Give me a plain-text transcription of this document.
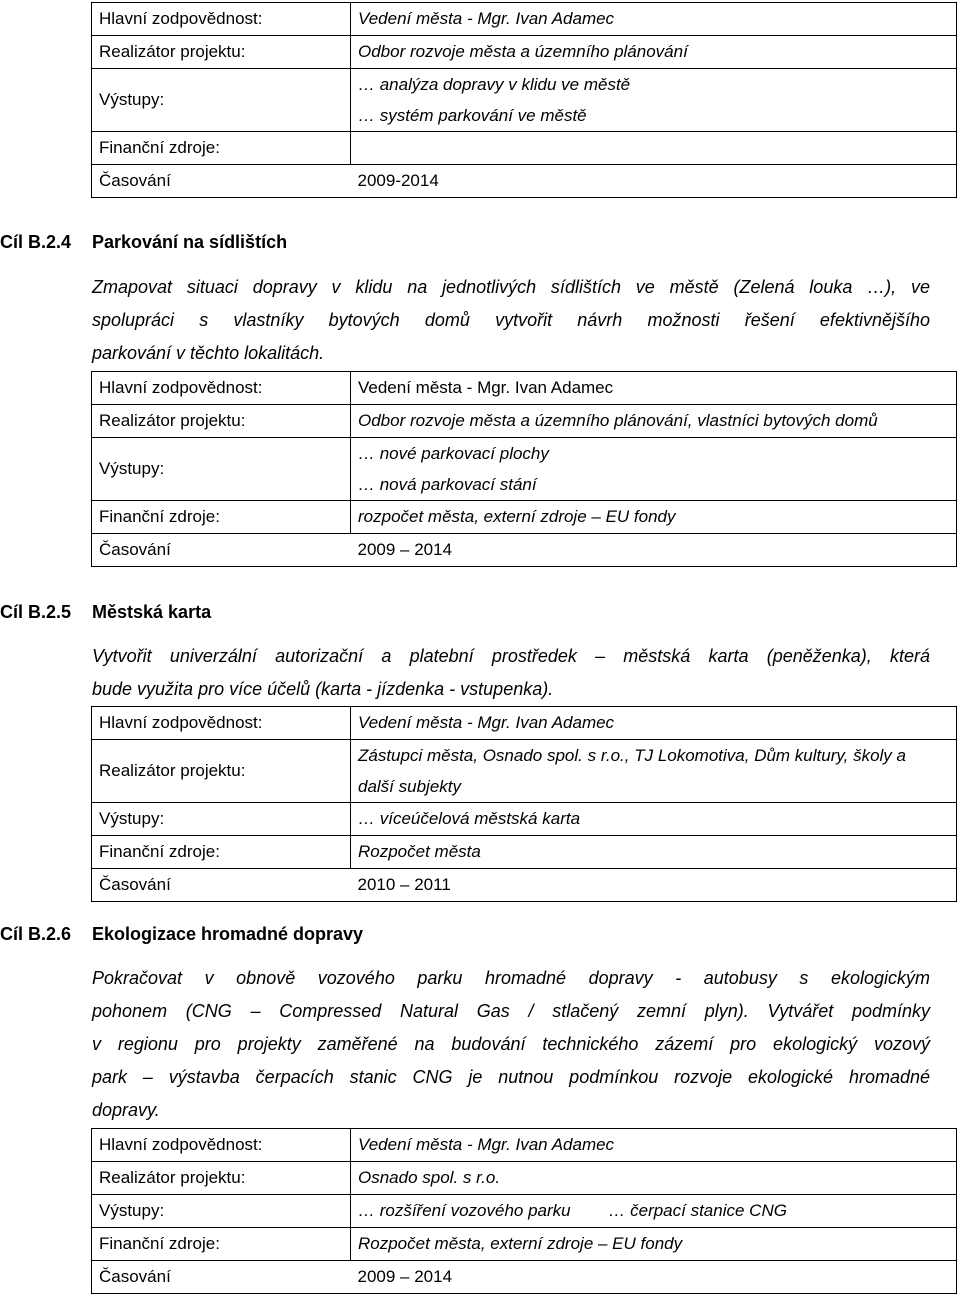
Hlavní zodpovědnost:	Vedení města - Mgr. Ivan Adamec
Realizátor projektu:	Odbor rozvoje města a územního plánování
Výstupy:	… analýza dopravy v klidu ve městě
… systém parkování ve městě

Finanční zdroje:	
Časování	2009-2014
Cíl B.2.4 Parkování na sídlištích
Zmapovat situaci dopravy v klidu na jednotlivých sídlištích ve městě (Zelená louka …), ve
spolupráci s vlastníky bytových domů vytvořit návrh možnosti řešení efektivnějšího
parkování v těchto lokalitách.
Hlavní zodpovědnost:	Vedení města - Mgr. Ivan Adamec
Realizátor projektu:	Odbor rozvoje města a územního plánování, vlastníci bytových domů
Výstupy:	… nové parkovací plochy
… nová parkovací stání

Finanční zdroje:	rozpočet města, externí zdroje – EU fondy
Časování	2009 – 2014
Cíl B.2.5 Městská karta
Vytvořit univerzální autorizační a platební prostředek – městská karta (peněženka), která
bude využita pro více účelů (karta - jízdenka - vstupenka).
Hlavní zodpovědnost:	Vedení města - Mgr. Ivan Adamec
Realizátor projektu:	Zástupci města, Osnado spol. s r.o., TJ Lokomotiva, Dům kultury, školy a
další subjekty

Výstupy:	… víceúčelová městská karta
Finanční zdroje:	Rozpočet města
Časování	2010 – 2011
Cíl B.2.6 Ekologizace hromadné dopravy
Pokračovat v obnově vozového parku hromadné dopravy - autobusy s ekologickým
pohonem (CNG – Compressed Natural Gas / stlačený zemní plyn). Vytvářet podmínky
v regionu pro projekty zaměřené na budování technického zázemí pro ekologický vozový
park – výstavba čerpacích stanic CNG je nutnou podmínkou rozvoje ekologické hromadné
dopravy.
Hlavní zodpovědnost:	Vedení města - Mgr. Ivan Adamec
Realizátor projektu:	Osnado spol. s r.o.
Výstupy:	… rozšíření vozového parku        … čerpací stanice CNG
Finanční zdroje:	Rozpočet města, externí zdroje – EU fondy
Časování	2009 – 2014
